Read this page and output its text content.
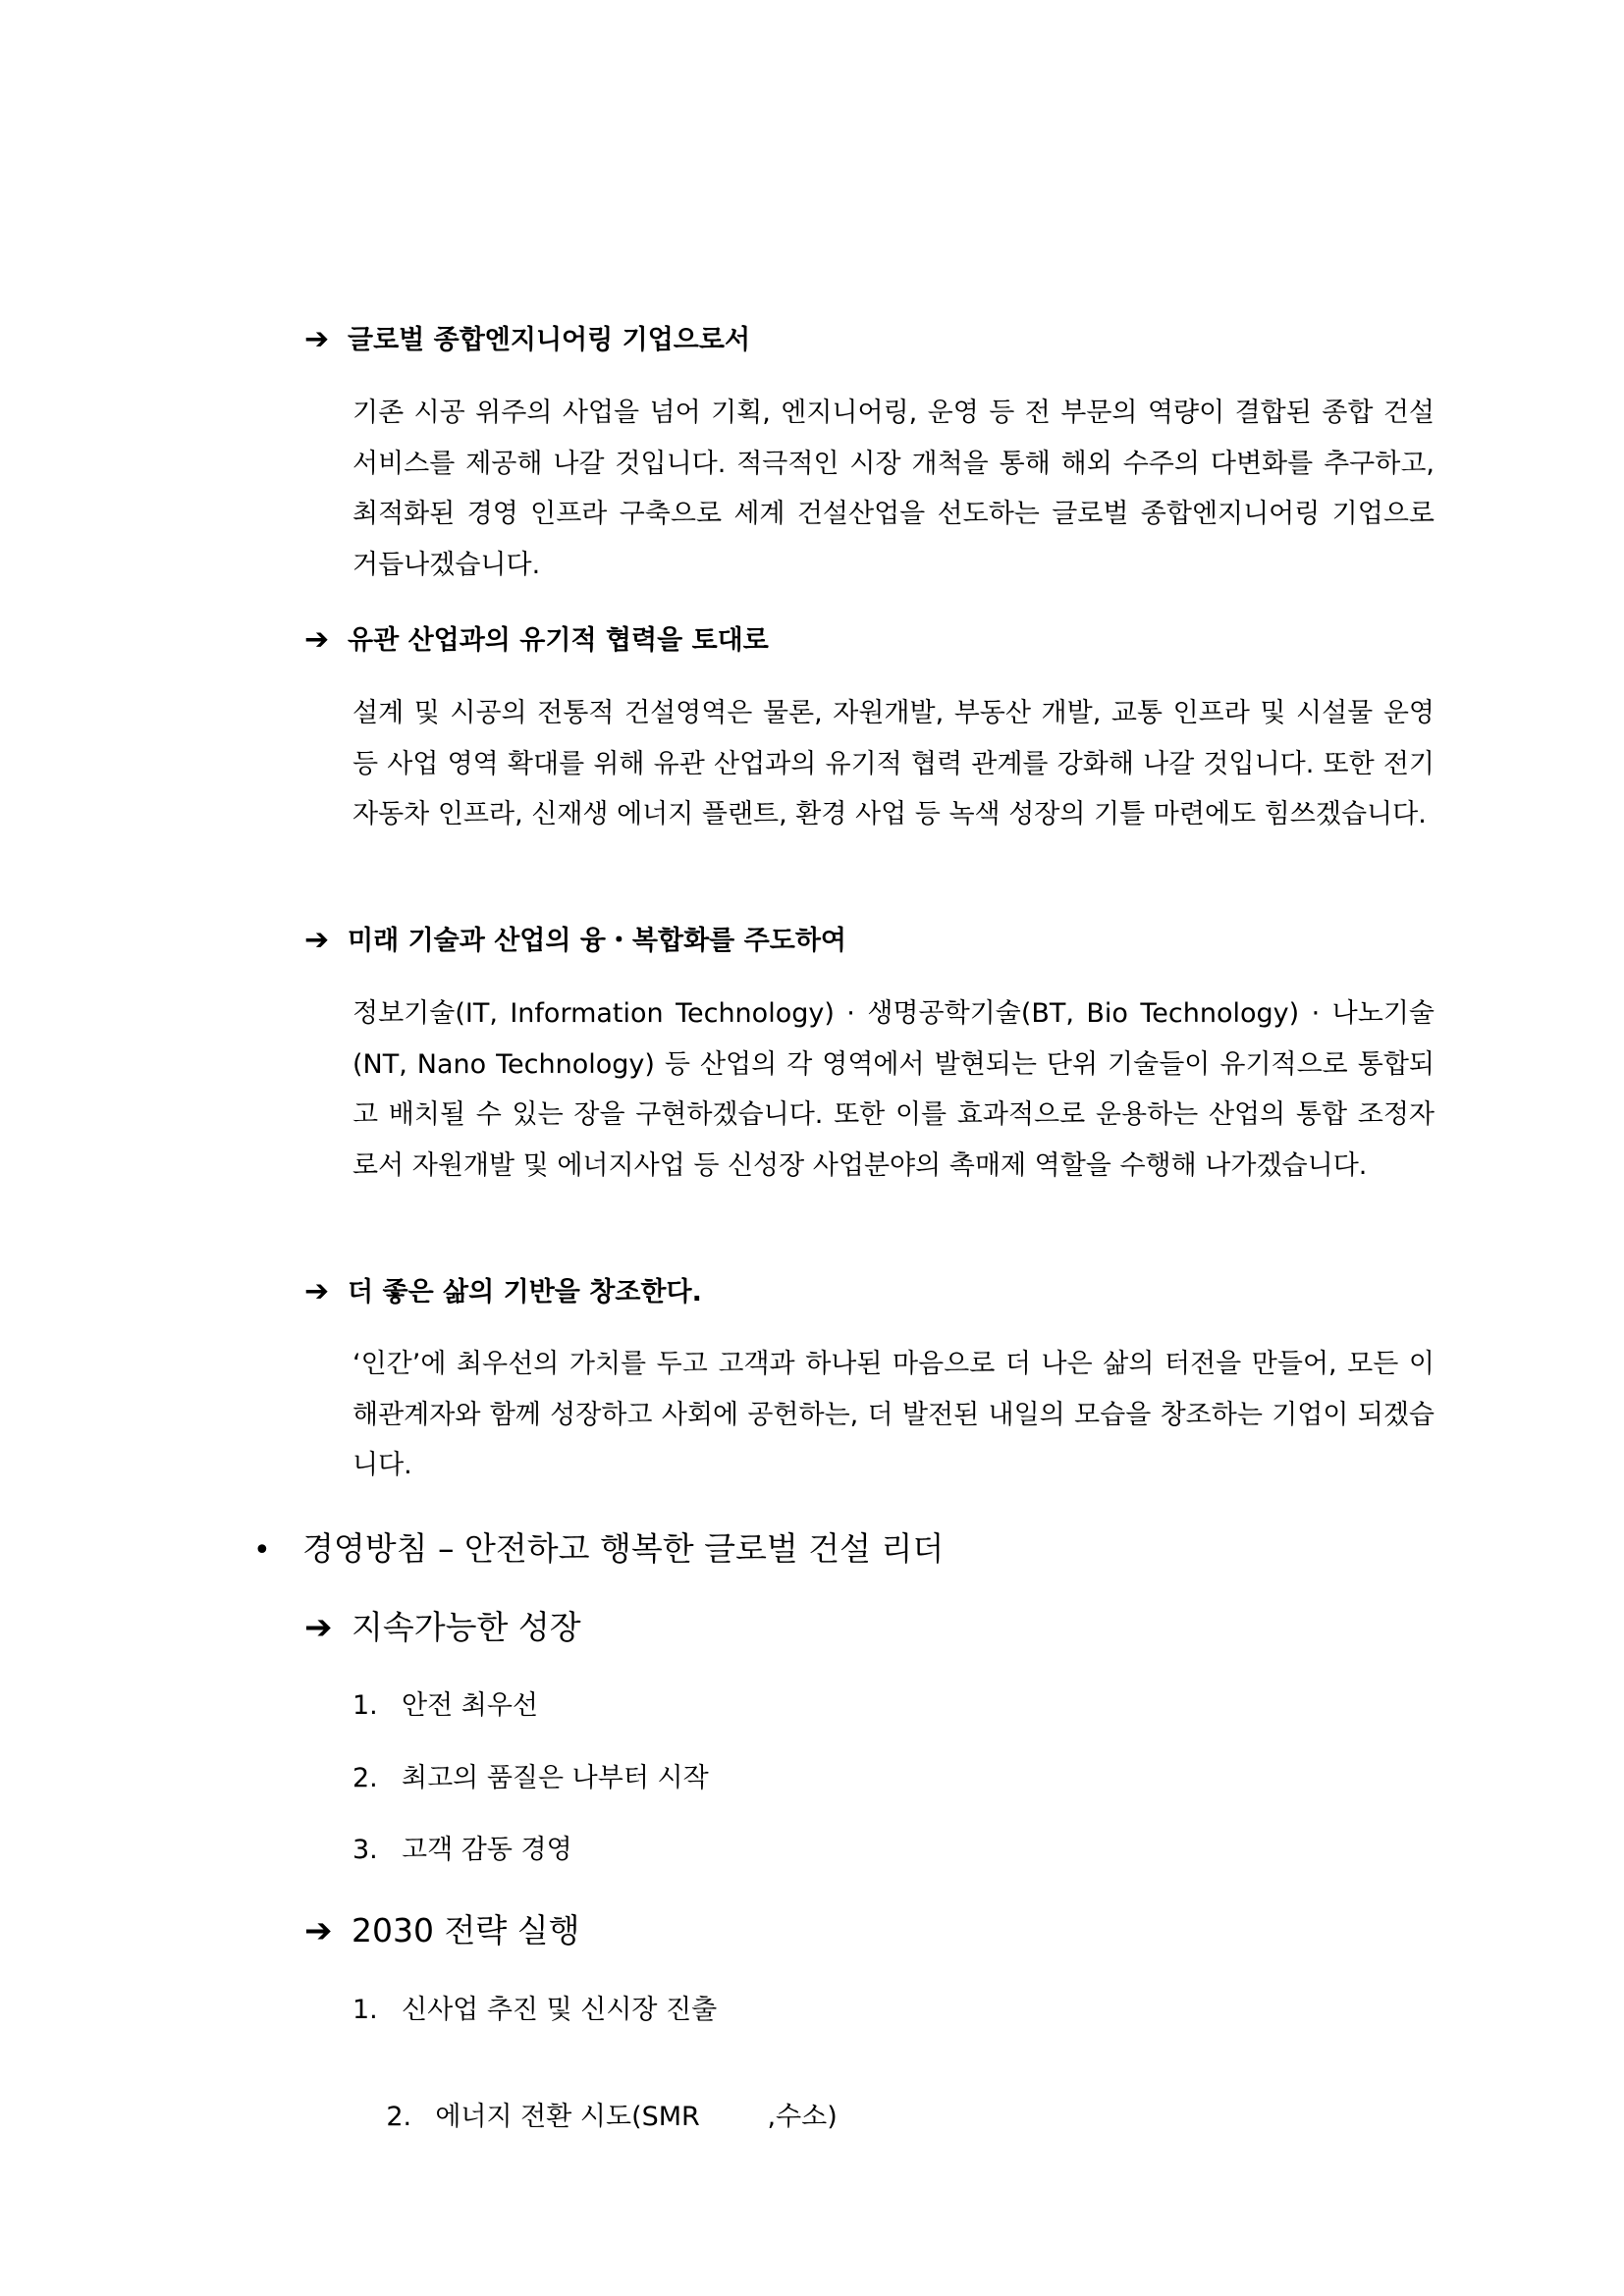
➔ 글로벌 종합엔지니어링 기업으로서
기존 시공 위주의 사업을 넘어 기획, 엔지니어링, 운영 등 전 부문의 역량이 결합된 종합 건설서비스를 제공해 나갈 것입니다. 적극적인 시장 개척을 통해 해외 수주의 다변화를 추구하고, 최적화된 경영 인프라 구축으로 세계 건설산업을 선도하는 글로벌 종합엔지니어링 기업으로 거듭나겠습니다.
➔ 유관 산업과의 유기적 협력을 토대로
설계 및 시공의 전통적 건설영역은 물론, 자원개발, 부동산 개발, 교통 인프라 및 시설물 운영 등 사업 영역 확대를 위해 유관 산업과의 유기적 협력 관계를 강화해 나갈 것입니다. 또한 전기자동차 인프라, 신재생 에너지 플랜트, 환경 사업 등 녹색 성장의 기틀 마련에도 힘쓰겠습니다.
➔ 미래 기술과 산업의 융・복합화를 주도하여
정보기술(IT, Information Technology) · 생명공학기술(BT, Bio Technology) · 나노기술(NT, Nano Technology) 등 산업의 각 영역에서 발현되는 단위 기술들이 유기적으로 통합되고 배치될 수 있는 장을 구현하겠습니다. 또한 이를 효과적으로 운용하는 산업의 통합 조정자로서 자원개발 및 에너지사업 등 신성장 사업분야의 촉매제 역할을 수행해 나가겠습니다.
➔ 더 좋은 삶의 기반을 창조한다.
‘인간’에 최우선의 가치를 두고 고객과 하나된 마음으로 더 나은 삶의 터전을 만들어, 모든 이해관계자와 함께 성장하고 사회에 공헌하는, 더 발전된 내일의 모습을 창조하는 기업이 되겠습니다.
• 경영방침 – 안전하고 행복한 글로벌 건설 리더
➔ 지속가능한 성장
1. 안전 최우선
2. 최고의 품질은 나부터 시작
3. 고객 감동 경영
➔ 2030 전략 실행
1. 신사업 추진 및 신시장 진출

2. 에너지 전환 시도(SMR        ,수소)
